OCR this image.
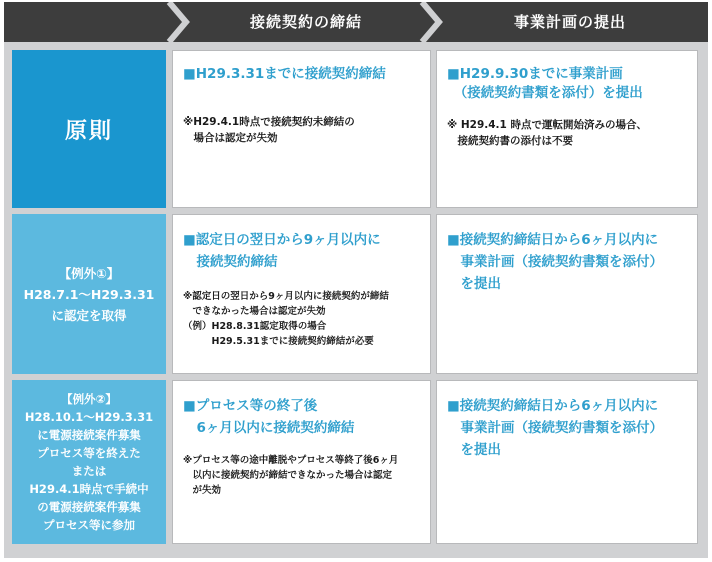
接続契約の締結	事業計画の提出
原則

■H29.3.31までに接続契約締結

※H29.4.1時点で接続契約未締結の
　場合は認定が失効

■H29.9.30までに事業計画
　（接続契約書類を添付）を提出

※ H29.4.1 時点で運転開始済みの場合、
　接続契約書の添付は不要

【例外①】
H28.7.1～H29.3.31
に認定を取得

■認定日の翌日から9ヶ月以内に
　接続契約締結

※認定日の翌日から9ヶ月以内に接続契約が締結
　できなかった場合は認定が失効
（例）H28.8.31認定取得の場合
　　　H29.5.31までに接続契約締結が必要

■接続契約締結日から6ヶ月以内に
　事業計画（接続契約書類を添付）
　を提出

【例外②】
H28.10.1～H29.3.31
に電源接続案件募集
プロセス等を終えた
または
H29.4.1時点で手続中
の電源接続案件募集
プロセス等に参加

■プロセス等の終了後
　6ヶ月以内に接続契約締結

※プロセス等の途中離脱やプロセス等終了後6ヶ月
　以内に接続契約が締結できなかった場合は認定
　が失効

■接続契約締結日から6ヶ月以内に
　事業計画（接続契約書類を添付）
　を提出
